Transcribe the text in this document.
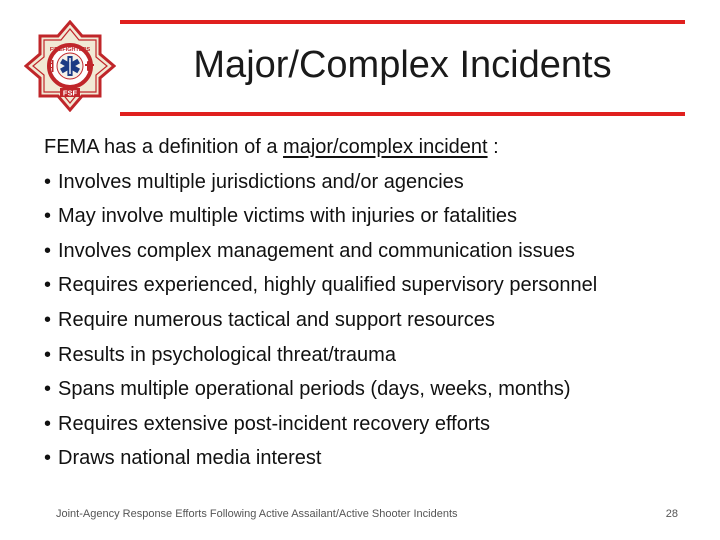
FIREFIGHTERS
FSF
Major/Complex Incidents
FEMA has a definition of a major/complex incident :
• Involves multiple jurisdictions and/or agencies
• May involve multiple victims with injuries or fatalities
• Involves complex management and communication issues
• Requires experienced, highly qualified supervisory personnel
• Require numerous tactical and support resources
• Results in psychological threat/trauma
• Spans multiple operational periods (days, weeks, months)
• Requires extensive post-incident recovery efforts
• Draws national media interest
Joint-Agency Response Efforts Following Active Assailant/Active Shooter Incidents	28
